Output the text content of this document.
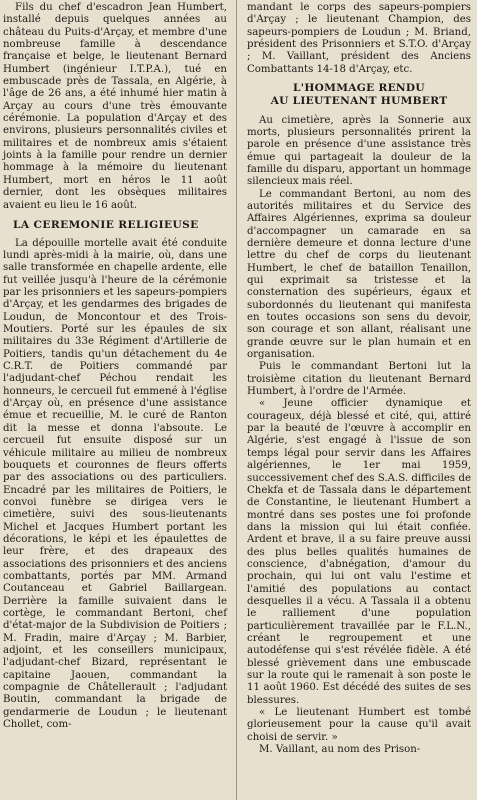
Fils du chef d'escadron Jean Humbert, installé depuis quelques années au château du Puits-d'Arçay, et membre d'une nombreuse famille à descendance française et belge, le lieutenant Bernard Humbert (ingénieur I.T.P.A.), tué en embuscade près de Tassala, en Algérie, à l'âge de 26 ans, a été inhumé hier matin à Arçay au cours d'une très émouvante cérémonie. La population d'Arçay et des environs, plusieurs personnalités civiles et militaires et de nombreux amis s'étaient joints à la famille pour rendre un dernier hommage à la mémoire du lieutenant Humbert, mort en héros le 11 août dernier, dont les obsèques militaires avaient eu lieu le 16 août.

LA CEREMONIE RELIGIEUSE

La dépouille mortelle avait été conduite lundi après-midi à la mairie, où, dans une salle transformée en chapelle ardente, elle fut veillée jusqu'à l'heure de la cérémonie par les prisonniers et les sapeurs-pompiers d'Arçay, et les gendarmes des brigades de Loudun, de Moncontour et des Trois-Moutiers. Porté sur les épaules de six militaires du 33e Régiment d'Artillerie de Poitiers, tandis qu'un détachement du 4e C.R.T. de Poitiers commandé par l'adjudant-chef Péchou rendait les honneurs, le cercueil fut emmené à l'église d'Arçay où, en présence d'une assistance émue et recueillie, M. le curé de Ranton dit la messe et donna l'absoute. Le cercueil fut ensuite disposé sur un véhicule militaire au milieu de nombreux bouquets et couronnes de fleurs offerts par des associations ou des particuliers. Encadré par les militaires de Poitiers, le convoi funèbre se dirigea vers le cimetière, suivi des sous-lieutenants Michel et Jacques Humbert portant les décorations, le képi et les épaulettes de leur frère, et des drapeaux des associations des prisonniers et des anciens combattants, portés par MM. Armand Coutanceau et Gabriel Baillargean. Derrière la famille suivaient dans le cortège, le commandant Bertoni, chef d'état-major de la Subdivision de Poitiers ; M. Fradin, maire d'Arçay ; M. Barbier, adjoint, et les conseillers municipaux, l'adjudant-chef Bizard, représentant le capitaine Jaouen, commandant la compagnie de Châtellerault ; l'adjudant Boutin, commandant la brigade de gendarmerie de Loudun ; le lieutenant Chollet, com-

mandant le corps des sapeurs-pompiers d'Arçay ; le lieutenant Champion, des sapeurs-pompiers de Loudun ; M. Briand, président des Prisonniers et S.T.O. d'Arçay ; M. Vaillant, président des Anciens Combattants 14-18 d'Arçay, etc.

L'HOMMAGE RENDU
AU LIEUTENANT HUMBERT

Au cimetière, après la Sonnerie aux morts, plusieurs personnalités prirent la parole en présence d'une assistance très émue qui partageait la douleur de la famille du disparu, apportant un hommage silencieux mais réel.

Le commandant Bertoni, au nom des autorités militaires et du Service des Affaires Algériennes, exprima sa douleur d'accompagner un camarade en sa dernière demeure et donna lecture d'une lettre du chef de corps du lieutenant Humbert, le chef de bataillon Tenaillon, qui exprimait sa tristesse et la consternation des supérieurs, égaux et subordonnés du lieutenant qui manifesta en toutes occasions son sens du devoir, son courage et son allant, réalisant une grande œuvre sur le plan humain et en organisation.

Puis le commandant Bertoni lut la troisième citation du lieutenant Bernard Humbert, à l'ordre de l'Armée.

« Jeune officier dynamique et courageux, déjà blessé et cité, qui, attiré par la beauté de l'œuvre à accomplir en Algérie, s'est engagé à l'issue de son temps légal pour servir dans les Affaires algériennes, le 1er mai 1959, successivement chef des S.A.S. difficiles de Chekfa et de Tassala dans le département de Constantine, le lieutenant Humbert a montré dans ses postes une foi profonde dans la mission qui lui était confiée. Ardent et brave, il a su faire preuve aussi des plus belles qualités humaines de conscience, d'abnégation, d'amour du prochain, qui lui ont valu l'estime et l'amitié des populations au contact desquelles il a vécu. A Tassala il a obtenu le ralliement d'une population particulièrement travaillée par le F.L.N., créant le regroupement et une autodéfense qui s'est révélée fidèle. A été blessé grièvement dans une embuscade sur la route qui le ramenait à son poste le 11 août 1960. Est décédé des suites de ses blessures.

« Le lieutenant Humbert est tombé glorieusement pour la cause qu'il avait choisi de servir. »

M. Vaillant, au nom des Prison-
